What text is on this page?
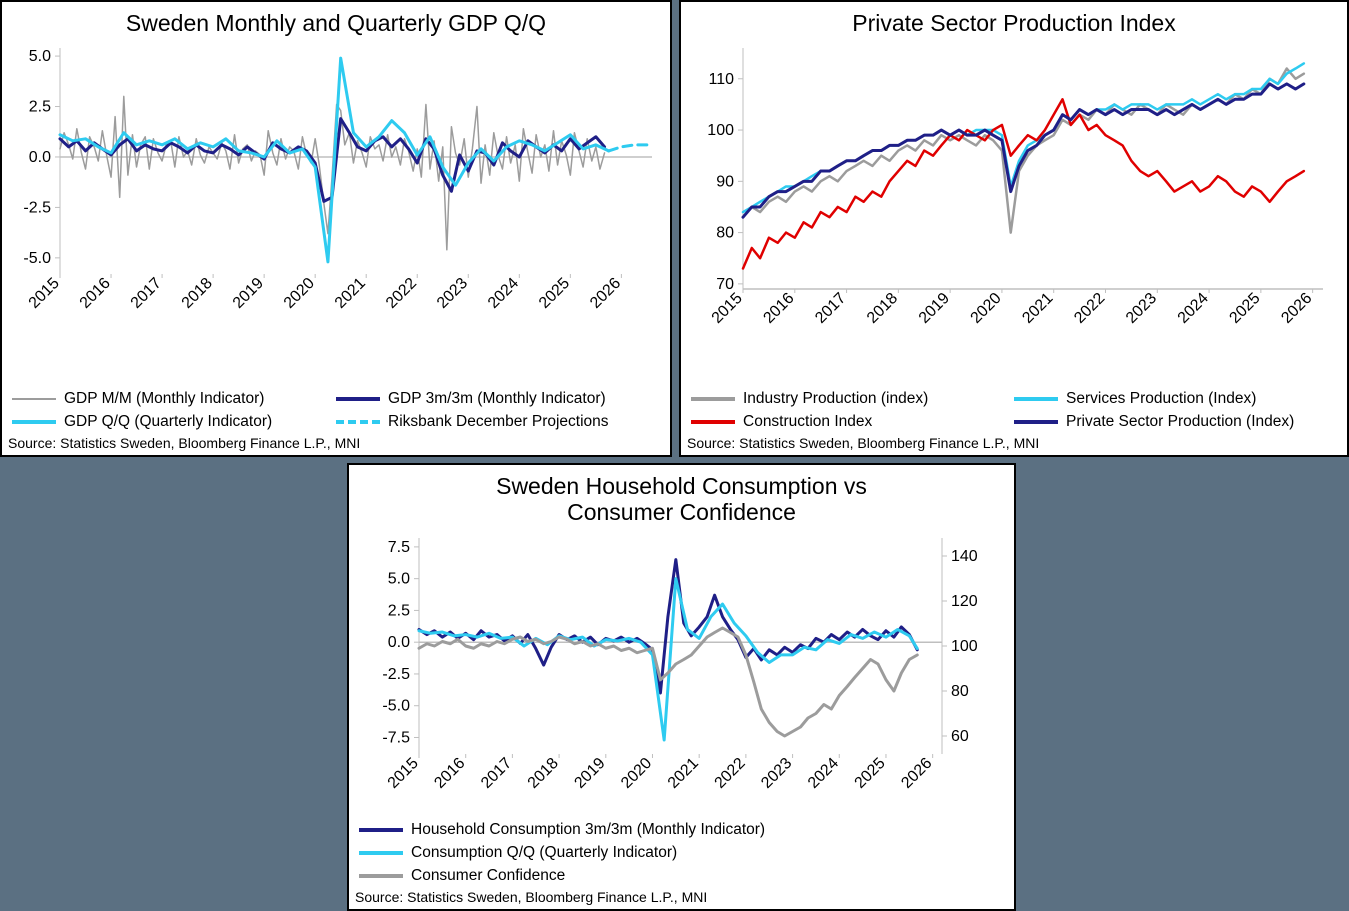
Sweden Monthly and Quarterly GDP Q/Q
-5.0
-2.5
0.0
2.5
5.0
2015 2016 2017 2018 2019 2020 2021 2022 2023 2024 2025 2026
GDP M/M (Monthly Indicator)	GDP 3m/3m (Monthly Indicator)
GDP Q/Q (Quarterly Indicator)	Riksbank December Projections
Source: Statistics Sweden, Bloomberg Finance L.P., MNI
Private Sector Production Index
70
80
90
100
110
2015 2016 2017 2018 2019 2020 2021 2022 2023 2024 2025 2026
Industry Production (index)	Services Production (Index)
Construction Index	Private Sector Production (Index)
Source: Statistics Sweden, Bloomberg Finance L.P., MNI
Sweden Household Consumption vs
Consumer Confidence
-7.5
-5.0
-2.5
0.0
2.5
5.0
7.5
60
80
100
120
140
2015 2016 2017 2018 2019 2020 2021 2022 2023 2024 2025 2026
Household Consumption 3m/3m (Monthly Indicator)
Consumption Q/Q (Quarterly Indicator)
Consumer Confidence
Source: Statistics Sweden, Bloomberg Finance L.P., MNI
